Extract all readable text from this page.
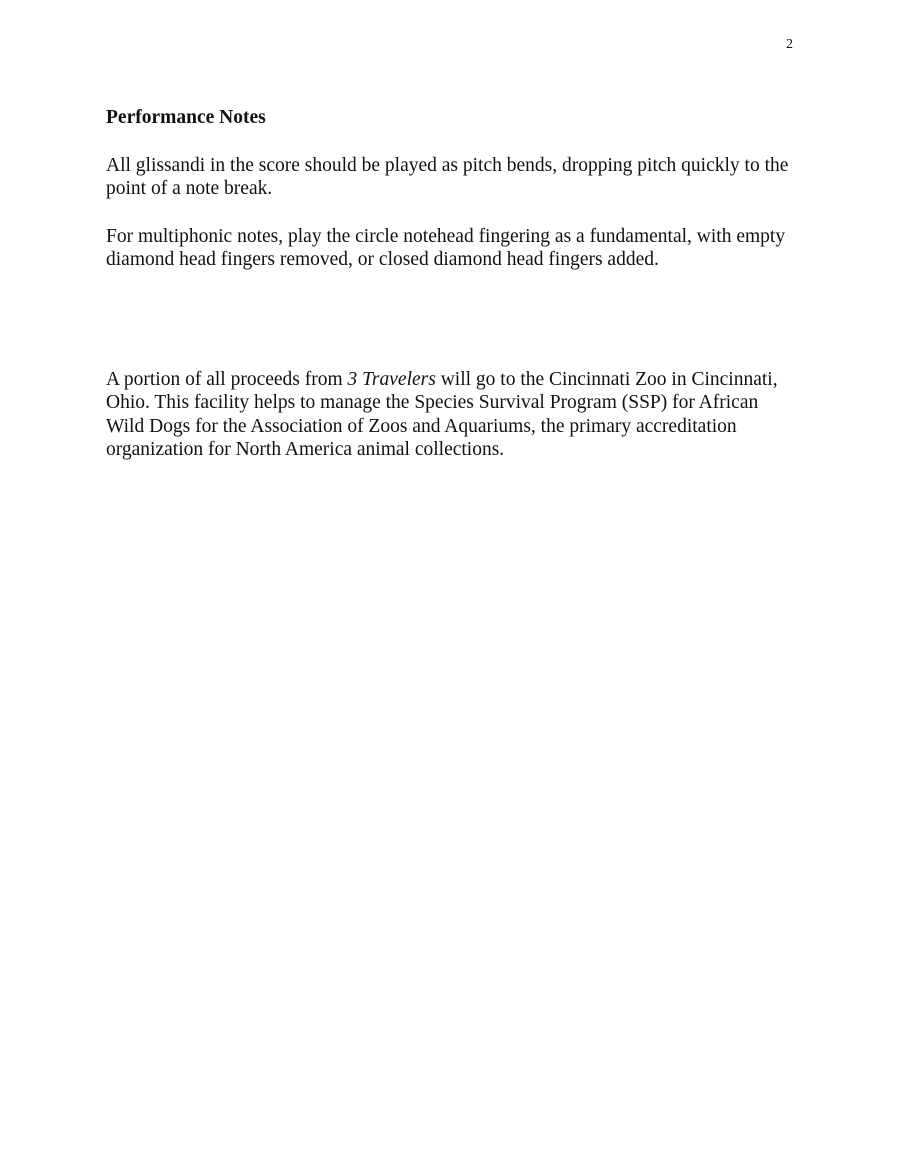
2
Performance Notes
All glissandi in the score should be played as pitch bends, dropping pitch quickly to the point of a note break.
For multiphonic notes, play the circle notehead fingering as a fundamental, with empty diamond head fingers removed, or closed diamond head fingers added.
A portion of all proceeds from 3 Travelers will go to the Cincinnati Zoo in Cincinnati, Ohio. This facility helps to manage the Species Survival Program (SSP) for African Wild Dogs for the Association of Zoos and Aquariums, the primary accreditation organization for North America animal collections.
